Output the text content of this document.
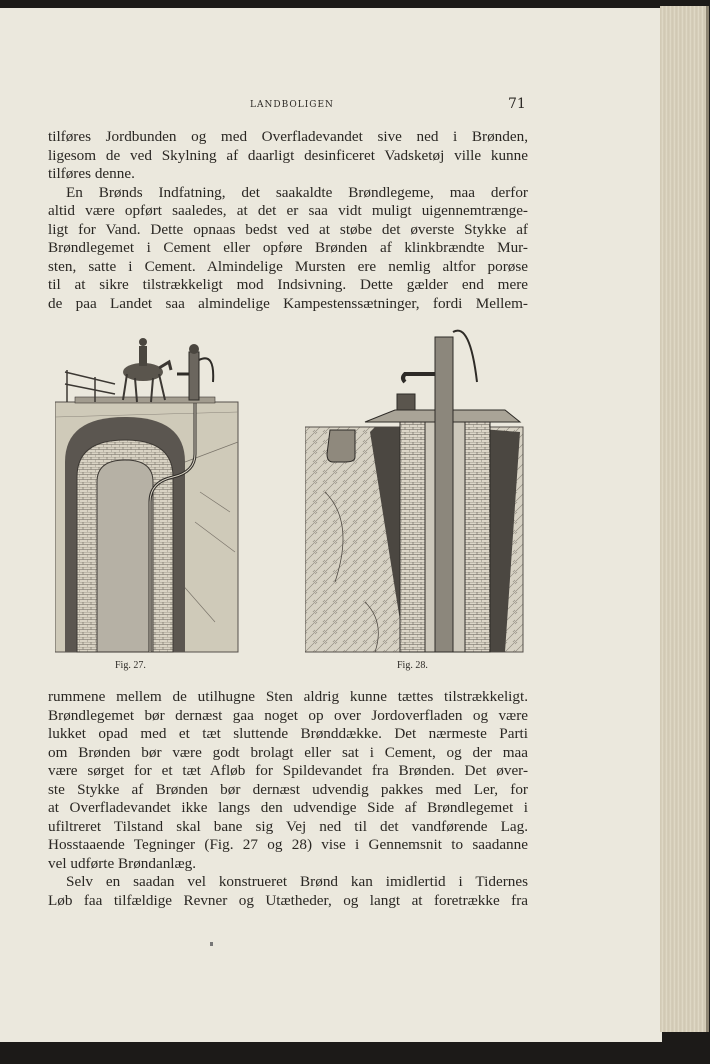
LANDBOLIGEN	71
tilføres Jordbunden og med Overfladevandet sive ned i Brønden,
ligesom de ved Skylning af daarligt desinficeret Vadsketøj ville kunne
tilføres denne.
En Brønds Indfatning, det saakaldte Brøndlegeme, maa derfor
altid være opført saaledes, at det er saa vidt muligt uigennemtrænge-
ligt for Vand. Dette opnaas bedst ved at støbe det øverste Stykke af
Brøndlegemet i Cement eller opføre Brønden af klinkbrændte Mur-
sten, satte i Cement. Almindelige Mursten ere nemlig altfor porøse
til at sikre tilstrækkeligt mod Indsivning. Dette gælder end mere
de paa Landet saa almindelige Kampestenssætninger, fordi Mellem-
Fig. 27.	Fig. 28.
rummene mellem de utilhugne Sten aldrig kunne tættes tilstrækkeligt.
Brøndlegemet bør dernæst gaa noget op over Jordoverfladen og være
lukket opad med et tæt sluttende Brønddække. Det nærmeste Parti
om Brønden bør være godt brolagt eller sat i Cement, og der maa
være sørget for et tæt Afløb for Spildevandet fra Brønden. Det øver-
ste Stykke af Brønden bør dernæst udvendig pakkes med Ler, for
at Overfladevandet ikke langs den udvendige Side af Brøndlegemet i
ufiltreret Tilstand skal bane sig Vej ned til det vandførende Lag.
Hosstaaende Tegninger (Fig. 27 og 28) vise i Gennemsnit to saadanne
vel udførte Brøndanlæg.
Selv en saadan vel konstrueret Brønd kan imidlertid i Tidernes
Løb faa tilfældige Revner og Utætheder, og langt at foretrække fra
